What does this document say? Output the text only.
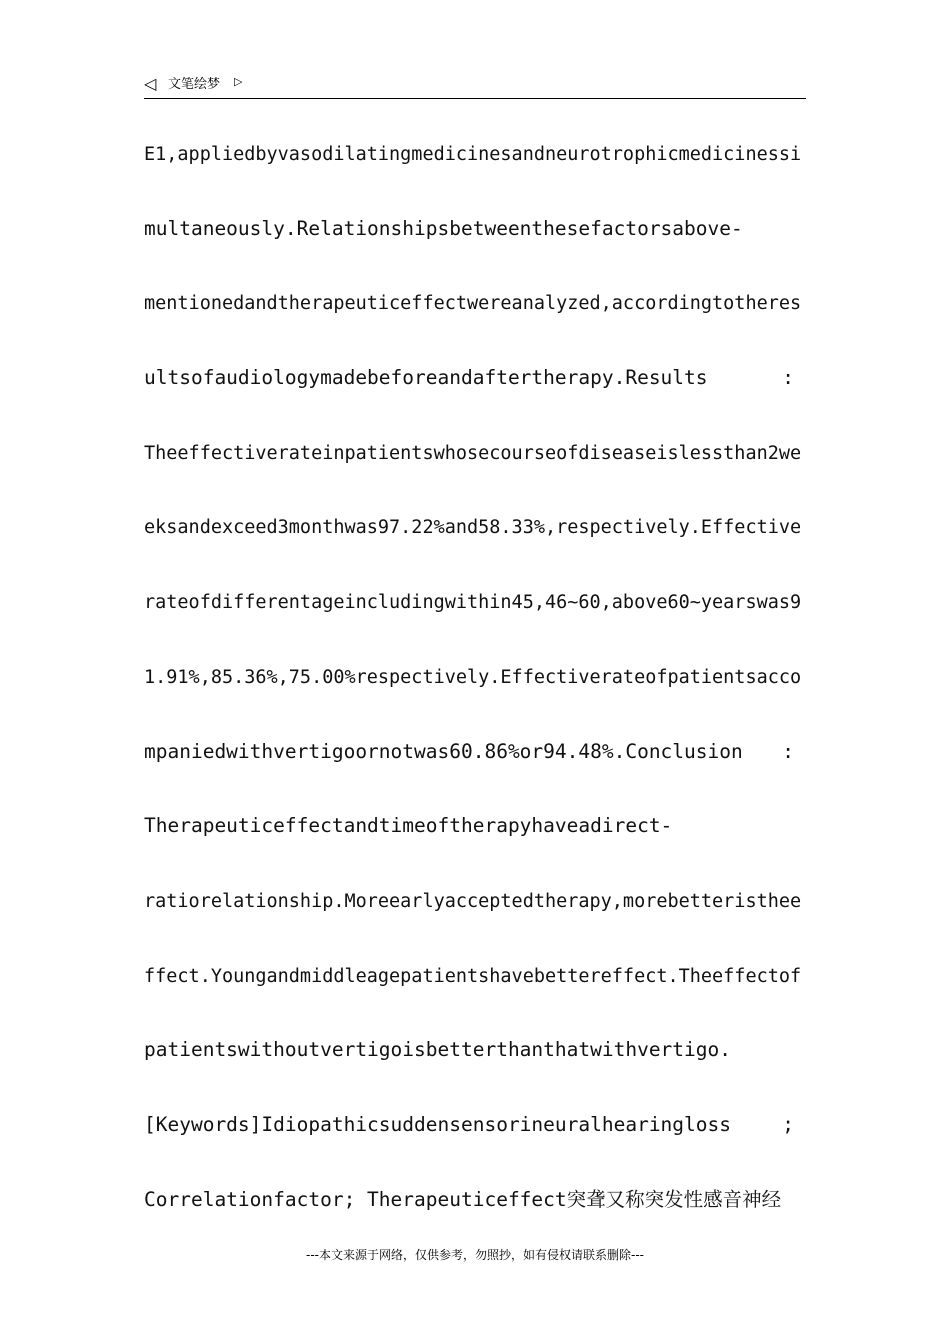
◁ 文笔绘梦 ▷
E1,appliedbyvasodilatingmedicinesandneurotrophicmedicinessi
multaneously.Relationshipsbetweenthesefactorsabove-
mentionedandtherapeuticeffectwereanalyzed,accordingtotheres
ultsofaudiologymadebeforeandaftertherapy.Results	:
Theeffectiverateinpatientswhosecourseofdiseaseislessthan2we
eksandexceed3monthwas97.22%and58.33%,respectively.Effective
rateofdifferentageincludingwithin45,46~60,above60~yearswas9
1.91%,85.36%,75.00%respectively.Effectiverateofpatientsacco
mpaniedwithvertigoornotwas60.86%or94.48%.Conclusion :
Therapeuticeffectandtimeoftherapyhaveadirect-
ratiorelationship.Moreearlyacceptedtherapy,morebetteristhee
ffect.Youngandmiddleagepatientshavebettereffect.Theeffectof
patientswithoutvertigoisbetterthanthatwithvertigo.
[Keywords]Idiopathicsuddensensorineuralhearingloss	;
Correlationfactor; Therapeuticeffect突聋又称突发性感音神经
---本文来源于网络，仅供参考，勿照抄，如有侵权请联系删除---
